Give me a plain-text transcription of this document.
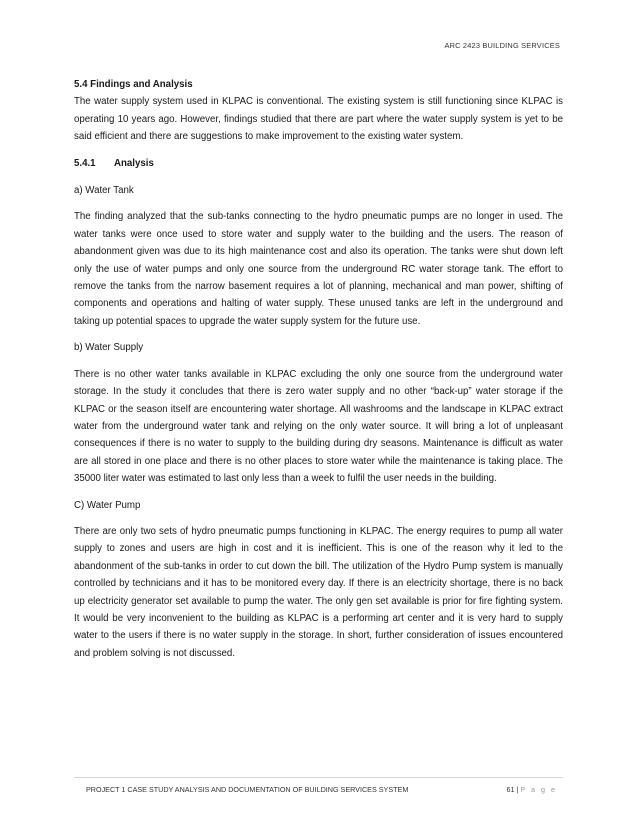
ARC 2423 BUILDING SERVICES

5.4 Findings and Analysis

The water supply system used in KLPAC is conventional. The existing system is still functioning since KLPAC is operating 10 years ago. However, findings studied that there are part where the water supply system is yet to be said efficient and there are suggestions to make improvement to the existing water system.

5.4.1 Analysis

a) Water Tank

The finding analyzed that the sub-tanks connecting to the hydro pneumatic pumps are no longer in used. The water tanks were once used to store water and supply water to the building and the users. The reason of abandonment given was due to its high maintenance cost and also its operation. The tanks were shut down left only the use of water pumps and only one source from the underground RC water storage tank. The effort to remove the tanks from the narrow basement requires a lot of planning, mechanical and man power, shifting of components and operations and halting of water supply. These unused tanks are left in the underground and taking up potential spaces to upgrade the water supply system for the future use.

b) Water Supply

There is no other water tanks available in KLPAC excluding the only one source from the underground water storage. In the study it concludes that there is zero water supply and no other “back-up” water storage if the KLPAC or the season itself are encountering water shortage. All washrooms and the landscape in KLPAC extract water from the underground water tank and relying on the only water source. It will bring a lot of unpleasant consequences if there is no water to supply to the building during dry seasons. Maintenance is difficult as water are all stored in one place and there is no other places to store water while the maintenance is taking place. The 35000 liter water was estimated to last only less than a week to fulfil the user needs in the building.

C) Water Pump

There are only two sets of hydro pneumatic pumps functioning in KLPAC. The energy requires to pump all water supply to zones and users are high in cost and it is inefficient. This is one of the reason why it led to the abandonment of the sub-tanks in order to cut down the bill. The utilization of the Hydro Pump system is manually controlled by technicians and it has to be monitored every day. If there is an electricity shortage, there is no back up electricity generator set available to pump the water. The only gen set available is prior for fire fighting system. It would be very inconvenient to the building as KLPAC is a performing art center and it is very hard to supply water to the users if there is no water supply in the storage. In short, further consideration of issues encountered and problem solving is not discussed.

PROJECT 1 CASE STUDY ANALYSIS AND DOCUMENTATION OF BUILDING SERVICES SYSTEM	61 | P a g e
